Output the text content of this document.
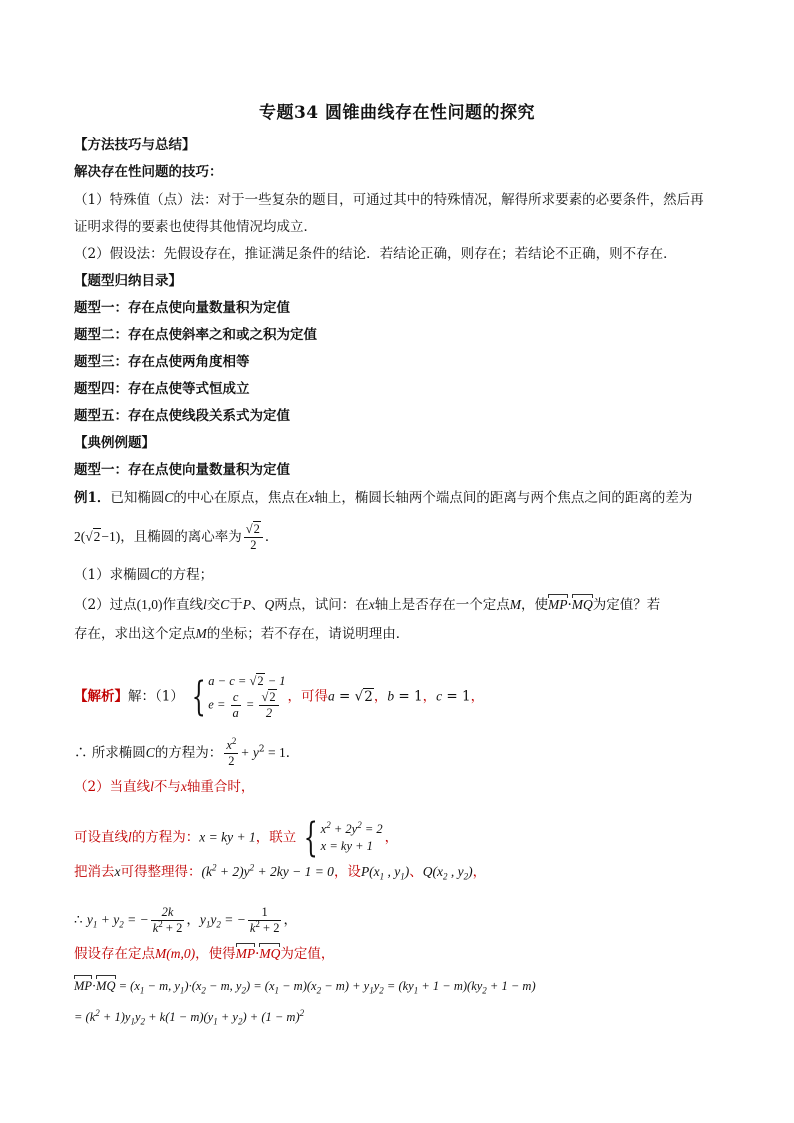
专题34 圆锥曲线存在性问题的探究
【方法技巧与总结】
解决存在性问题的技巧：
（1）特殊值（点）法：对于一些复杂的题目，可通过其中的特殊情况，解得所求要素的必要条件，然后再
证明求得的要素也使得其他情况均成立．
（2）假设法：先假设存在，推证满足条件的结论．若结论正确，则存在；若结论不正确，则不存在．
【题型归纳目录】
题型一：存在点使向量数量积为定值
题型二：存在点使斜率之和或之积为定值
题型三：存在点使两角度相等
题型四：存在点使等式恒成立
题型五：存在点使线段关系式为定值
【典例例题】
题型一：存在点使向量数量积为定值
例1．已知椭圆C的中心在原点，焦点在x轴上，椭圆长轴两个端点间的距离与两个焦点之间的距离的差为
2(√2−1)，且椭圆的离心率为 $\frac{√2}{2}$ ．
（1）求椭圆C的方程；
（2）过点(1,0)作直线l交C于P、Q两点，试问：在x轴上是否存在一个定点M，使MP·MQ为定值？若
存在，求出这个定点M的坐标；若不存在，请说明理由．
【解析】解：（1） { a − c = √2 − 1
$e = \frac{c}{a} = \frac{√2}{2}$ ，可得a = √2，b = 1，c = 1，
∴ 所求椭圆C的方程为： $\frac{x^2}{2} + y^2 = 1$．
（2）当直线l不与x轴重合时，
可设直线l的方程为：x = ky + 1，联立 { $x^2 + 2y^2 = 2$
x = ky + 1
，
把消去x可得整理得：$(k^2 + 2)y^2 + 2ky - 1 = 0$，设$P(x_1$ , $y_1$)、$Q(x_2$ , $y_2$)，
∴ $y_1 + y_2$ = − $\frac{2k}{k^2 + 2}$ ，$y_1y_2$ = − $\frac{1}{k^2 + 2}$ ，
假设存在定点M(m,0)，使得MP·MQ为定值，
$MP\cdot MQ = (x_1 - m$, $y_1)\cdot(x_2 - m$, $y_2) = (x_1 - m)(x_2 - m) + y_1y_2 = (ky_1 + 1 - m)(ky_2 + 1 - m)$
= $(k^2 + 1)y_1y_2 + k(1 - m)(y_1 + y_2) + (1 - m)^2$
